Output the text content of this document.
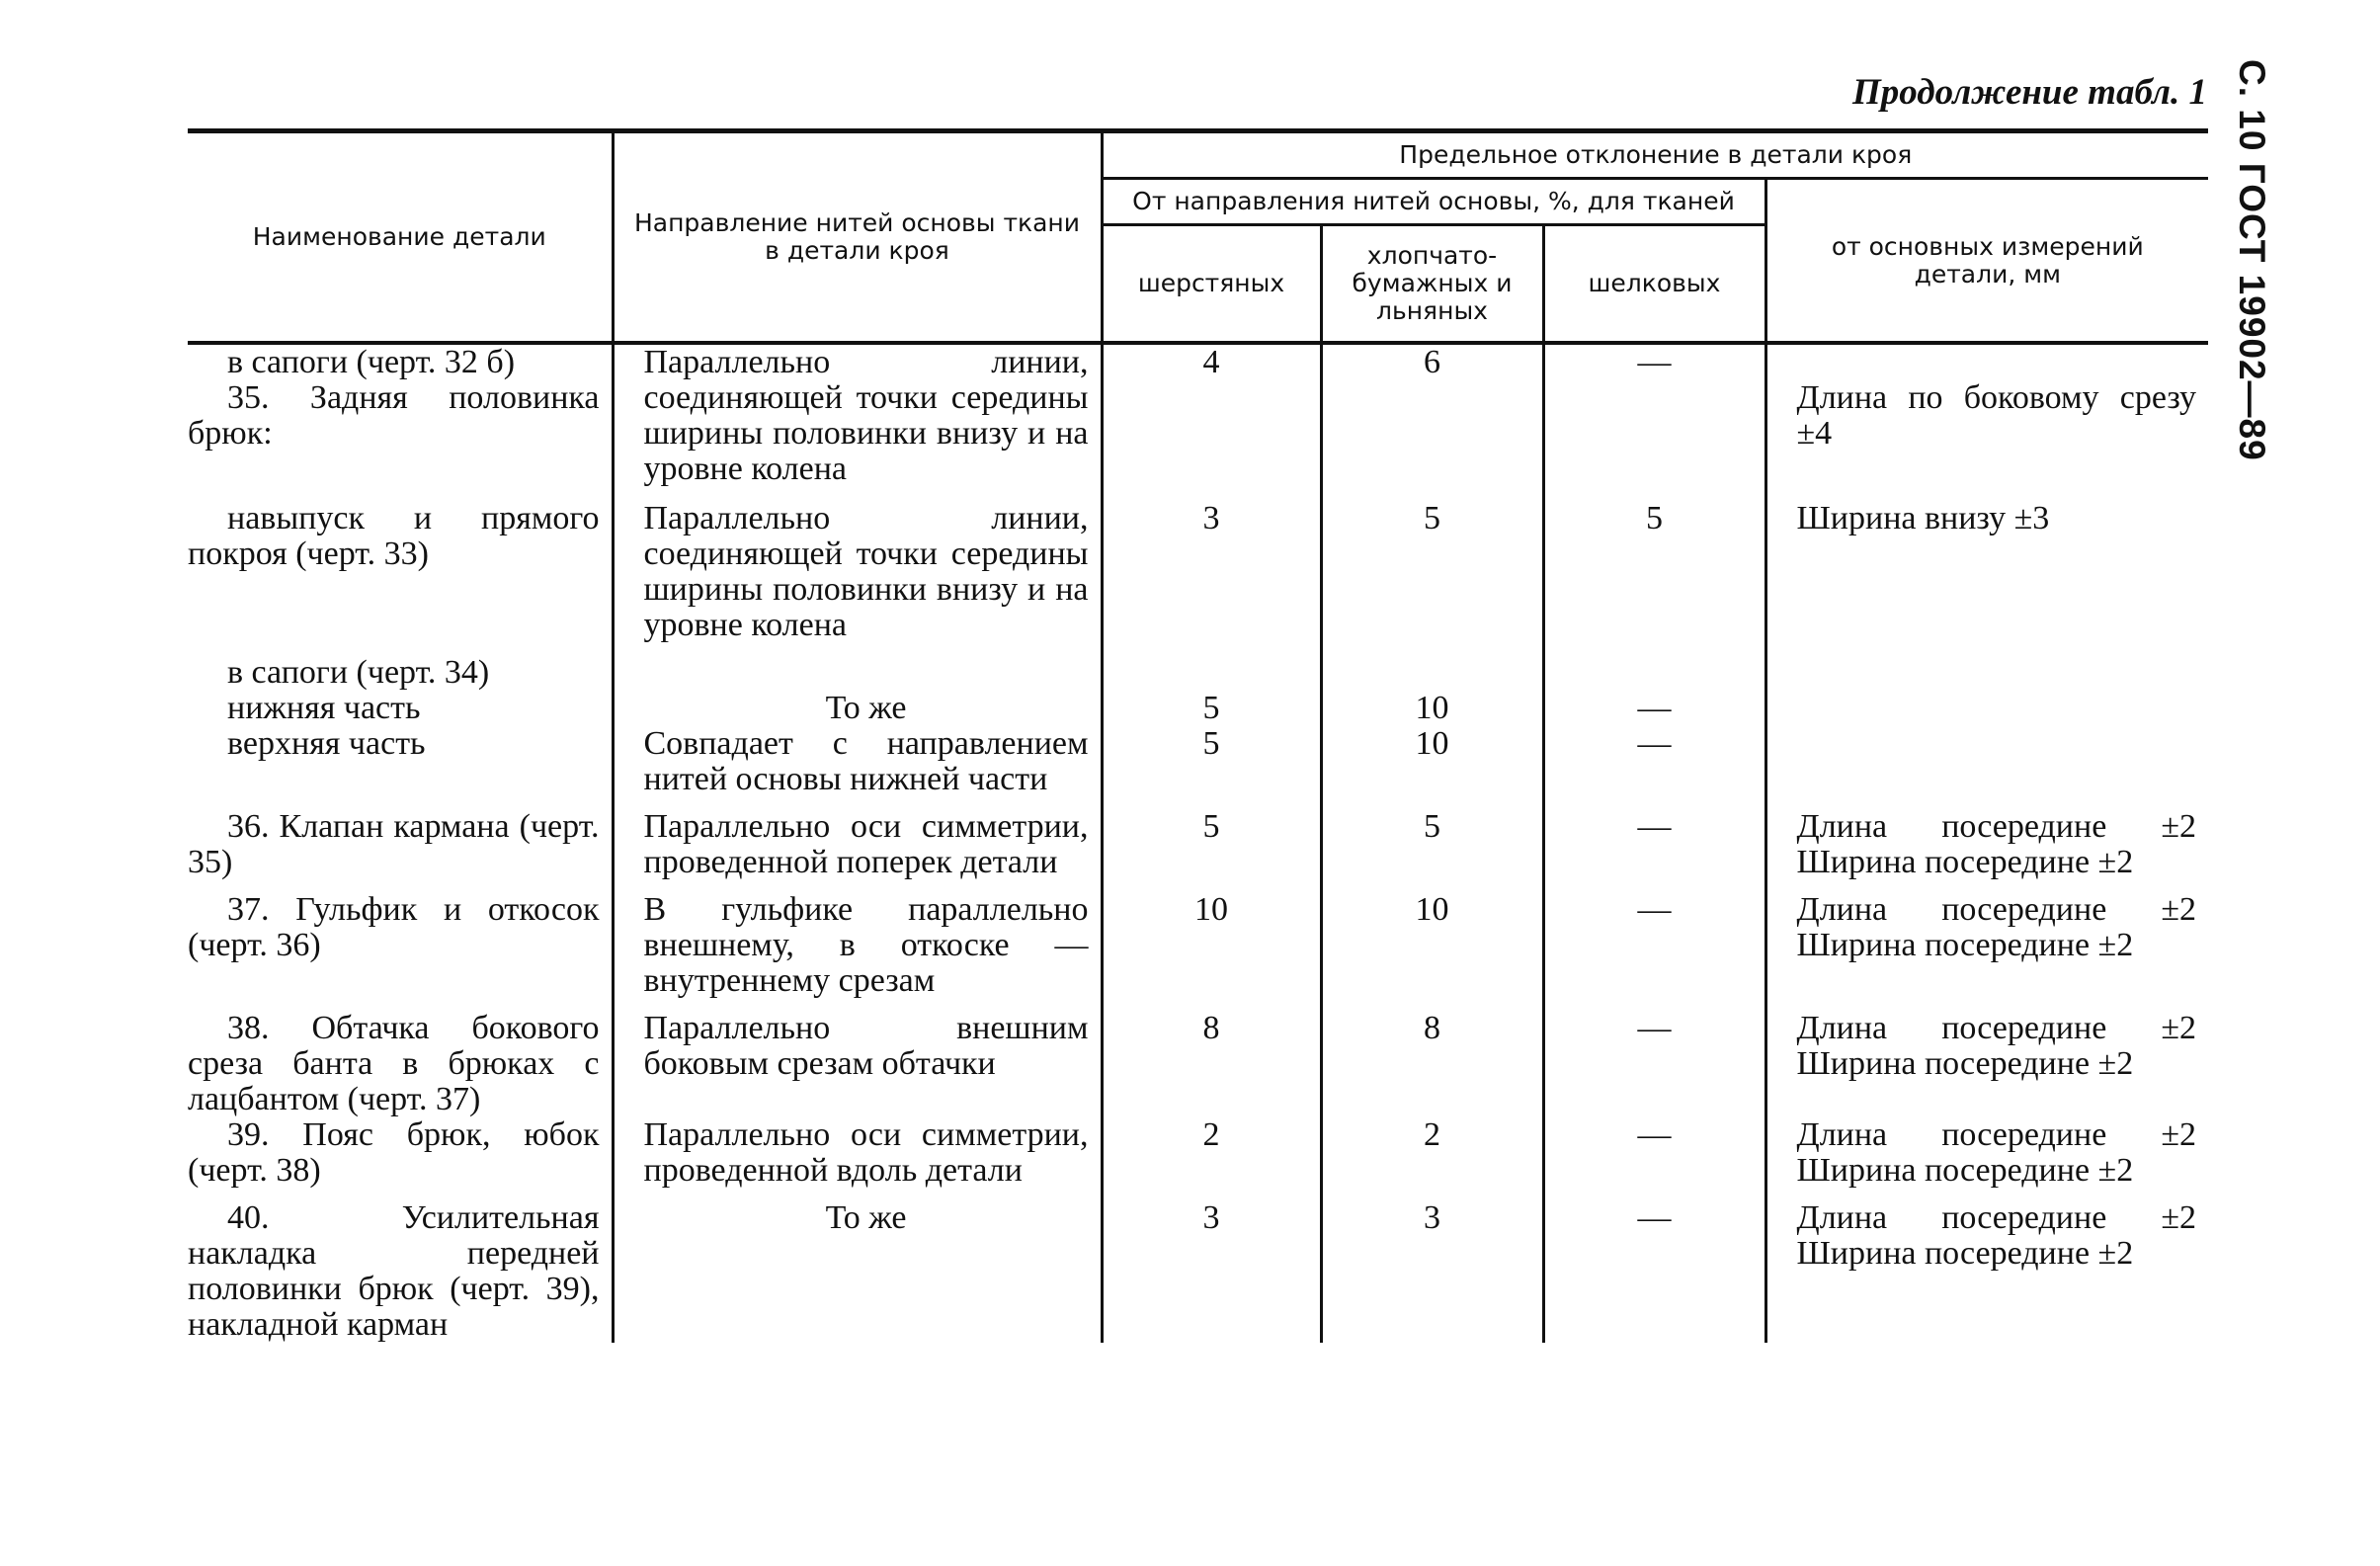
С. 10 ГОСТ 19902—89
Продолжение табл. 1
Наименование детали	Направление нитей основы ткани в детали кроя	Предельное отклонение в детали кроя			
		От направления нитей основы, %, для тканей			от основных измерений детали, мм
		шерстяных	хлопчато-бумажных и льняных	шелковых	

в сапоги (черт. 32 б)	Параллельно линии, соединяющей точки середины ширины половинки внизу и на уровне колена	4	6	—	

35. Задняя половинка брюк:					Длина по боковому срезу ±4

навыпуск и прямого покроя (черт. 33)	Параллельно линии, соединяющей точки середины ширины половинки внизу и на уровне колена	3	5	5	Ширина внизу ±3

в сапоги (черт. 34)					

нижняя часть	То же	5	10	—	

верхняя часть	Совпадает с направлением нитей основы нижней части	5	10	—	

36. Клапан кармана (черт. 35)	Параллельно оси симметрии, проведенной поперек детали	5	5	—	Длина посередине ±2 Ширина посередине ±2

37. Гульфик и откосок (черт. 36)	В гульфике параллельно внешнему, в откоске — внутреннему срезам	10	10	—	Длина посередине ±2 Ширина посередине ±2

38. Обтачка бокового среза банта в брюках с лацбантом (черт. 37)	Параллельно внешним боковым срезам обтачки	8	8	—	Длина посередине ±2 Ширина посередине ±2

39. Пояс брюк, юбок (черт. 38)	Параллельно оси симметрии, проведенной вдоль детали	2	2	—	Длина посередине ±2 Ширина посередине ±2

40. Усилительная накладка передней половинки брюк (черт. 39), накладной карман	То же	3	3	—	Длина посередине ±2 Ширина посередине ±2
